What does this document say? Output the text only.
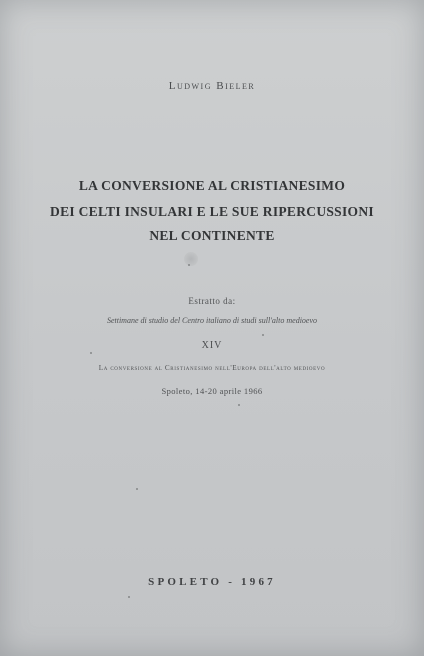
Ludwig Bieler
LA CONVERSIONE AL CRISTIANESIMO
DEI CELTI INSULARI E LE SUE RIPERCUSSIONI
NEL CONTINENTE
Estratto da:
Settimane di studio del Centro italiano di studi sull'alto medioevo
XIV
La conversione al Cristianesimo nell'Europa dell'alto medioevo
Spoleto, 14-20 aprile 1966
SPOLETO - 1967
